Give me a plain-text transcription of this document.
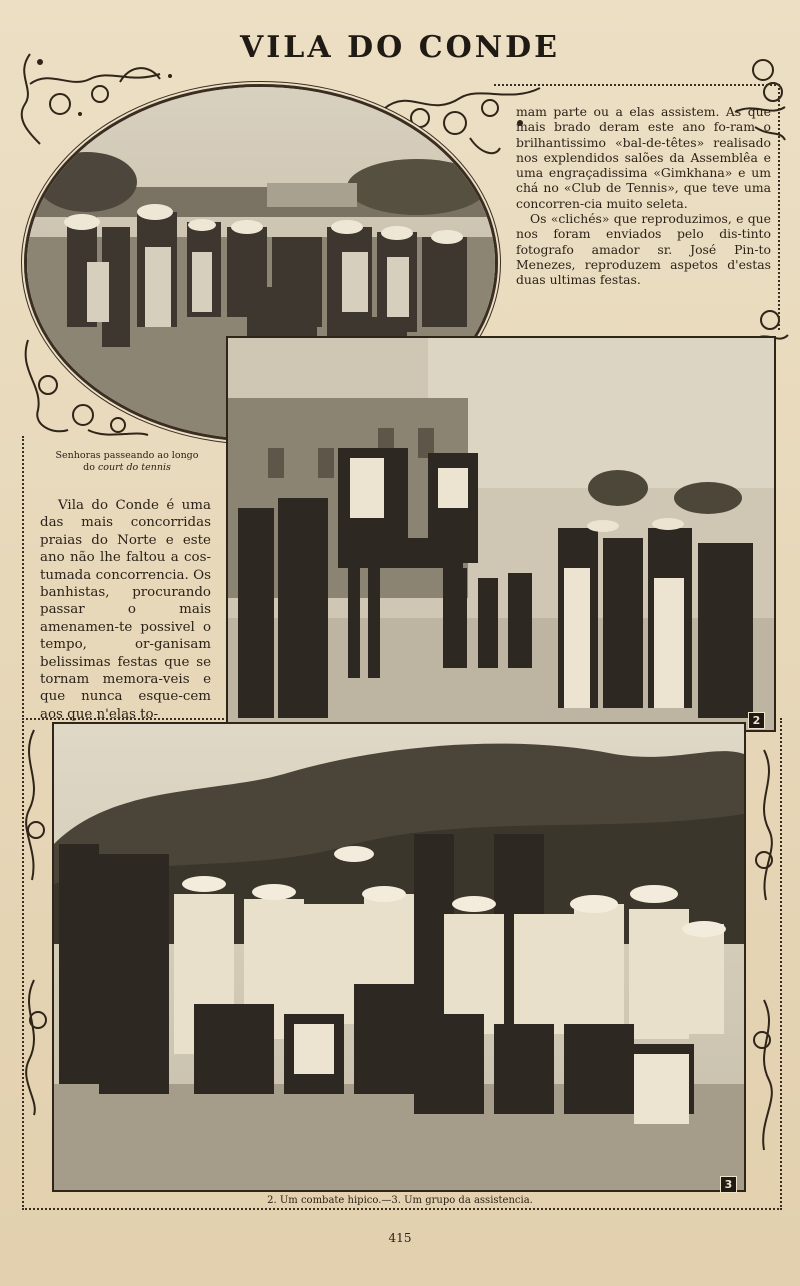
VILA DO CONDE

mam parte ou a elas assistem. As que mais brado deram este ano fo-ram o brilhantissimo «bal-de-têtes» realisado nos explendidos salões da Assemblêa e uma engraçadissima «Gimkhana» e um chá no «Club de Tennis», que teve uma concorren-cia muito seleta.

Os «clichés» que reproduzimos, e que nos foram enviados pelo dis-tinto fotografo amador sr. José Pin-to Menezes, reproduzem aspetos d'estas duas ultimas festas.

2
Senhoras passeando ao longo
do court do tennis

Vila do Conde é uma das mais concorridas praias do Norte e este ano não lhe faltou a cos-tumada concorrencia. Os banhistas, procurando passar o mais amenamen-te possivel o tempo, or-ganisam belissimas festas que se tornam memora-veis e que nunca esque-cem aos que n'elas to-

3
2. Um combate hipico.—3. Um grupo da assistencia.
415
